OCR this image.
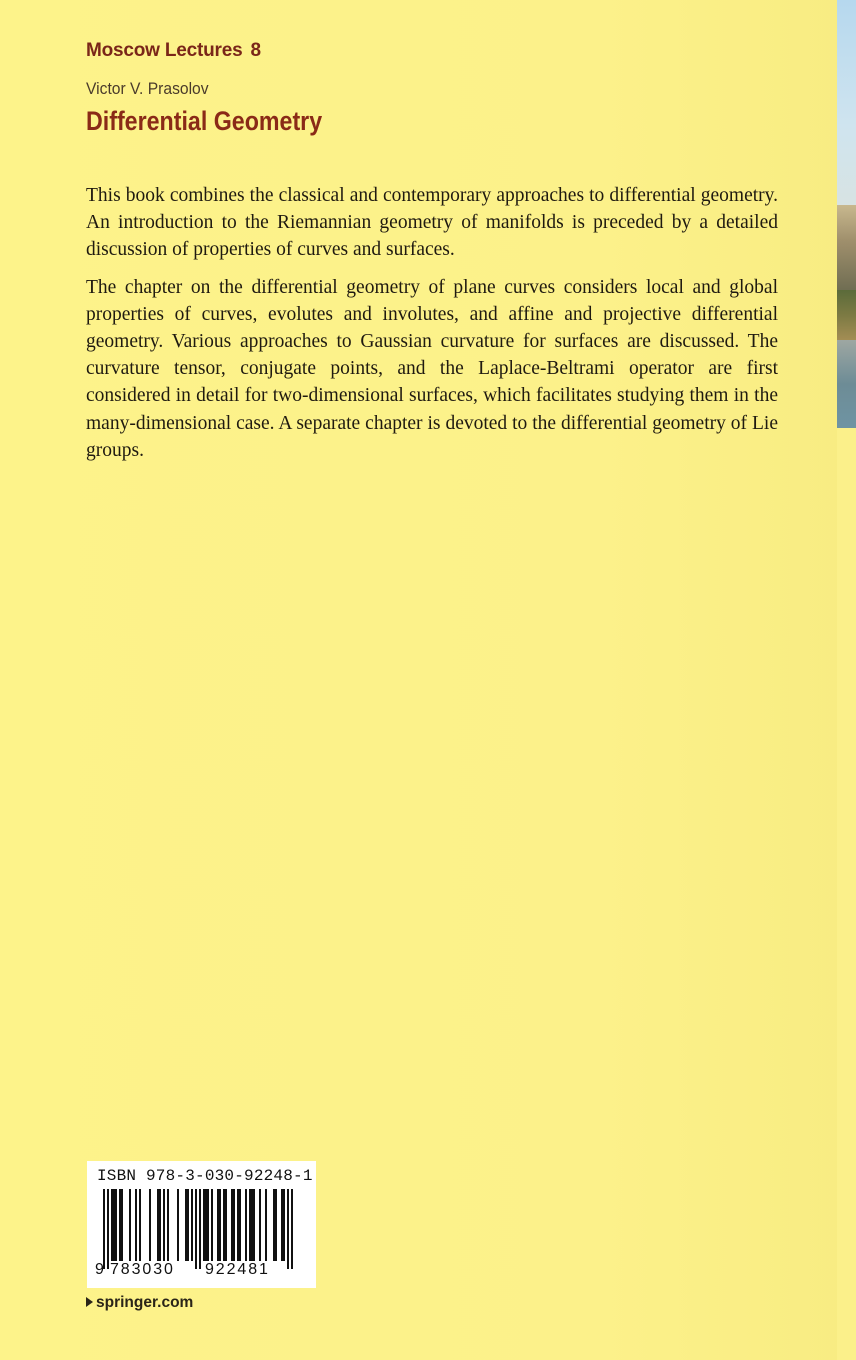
Moscow Lectures 8
Victor V. Prasolov
Differential Geometry

This book combines the classical and contemporary approaches to differential geometry. An introduction to the Riemannian geometry of manifolds is preceded by a detailed discussion of properties of curves and surfaces.

The chapter on the differential geometry of plane curves considers local and global properties of curves, evolutes and involutes, and affine and projective differential geometry. Various approaches to Gaussian curvature for surfaces are discussed. The curvature tensor, conjugate points, and the Laplace-Beltrami operator are first considered in detail for two-dimensional surfaces, which facilitates studying them in the many-dimensional case. A separate chapter is devoted to the differential geometry of Lie groups.

ISBN 978-3-030-92248-1
9 783030 922481
springer.com
